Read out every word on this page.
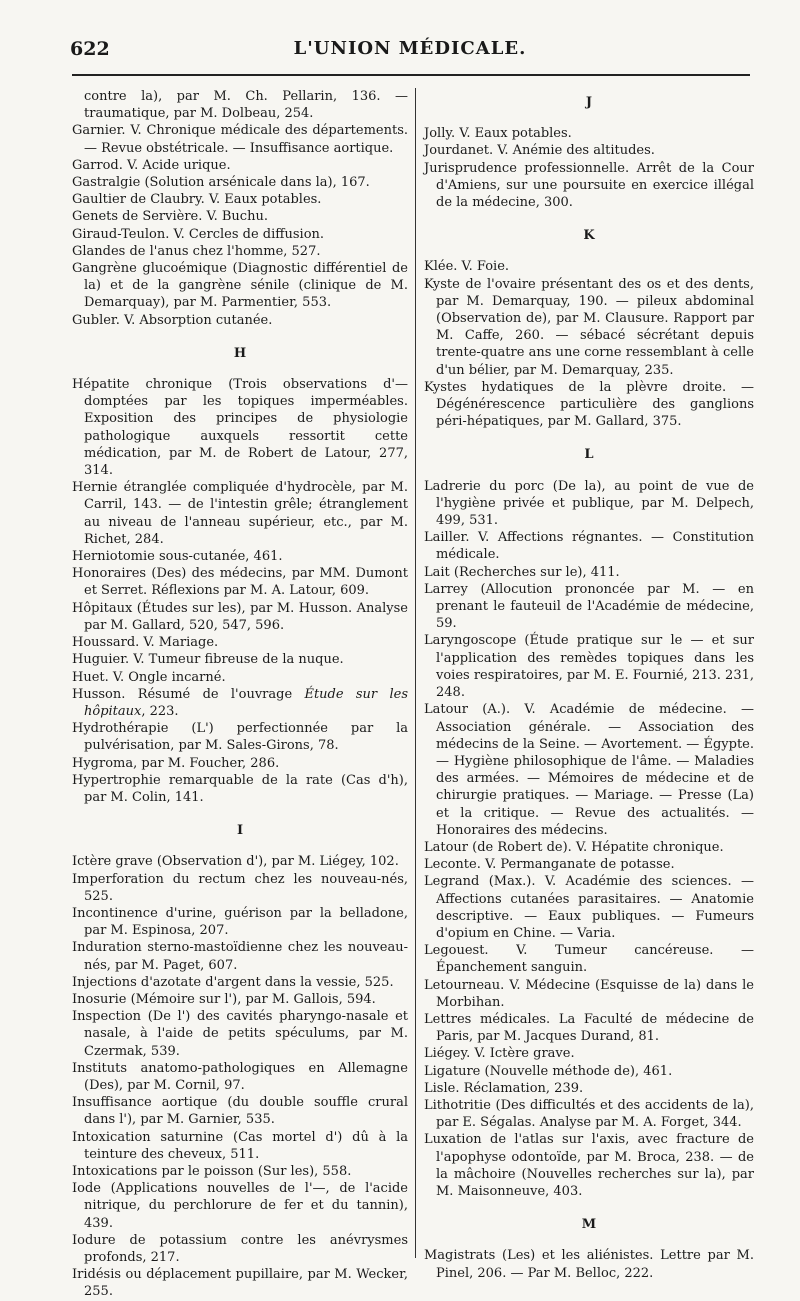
622	L'UNION MÉDICALE.

contre la), par M. Ch. Pellarin, 136. — traumatique, par M. Dolbeau, 254.

Garnier. V. Chronique médicale des départements.— Revue obstétricale. — Insuffisance aortique.

Garrod. V. Acide urique.

Gastralgie (Solution arsénicale dans la), 167.

Gaultier de Claubry. V. Eaux potables.

Genets de Servière. V. Buchu.

Giraud-Teulon. V. Cercles de diffusion.

Glandes de l'anus chez l'homme, 527.

Gangrène glucoémique (Diagnostic différentiel de la) et de la gangrène sénile (clinique de M. Demarquay), par M. Parmentier, 553.

Gubler. V. Absorption cutanée.

H

Hépatite chronique (Trois observations d'— domptées par les topiques imperméables. Exposition des principes de physiologie pathologique auxquels ressortit cette médication, par M. de Robert de Latour, 277, 314.

Hernie étranglée compliquée d'hydrocèle, par M. Carril, 143. — de l'intestin grêle; étranglement au niveau de l'anneau supérieur, etc., par M. Richet, 284.

Herniotomie sous-cutanée, 461.

Honoraires (Des) des médecins, par MM. Dumont et Serret. Réflexions par M. A. Latour, 609.

Hôpitaux (Études sur les), par M. Husson. Analyse par M. Gallard, 520, 547, 596.

Houssard. V. Mariage.

Huguier. V. Tumeur fibreuse de la nuque.

Huet. V. Ongle incarné.

Husson. Résumé de l'ouvrage Étude sur les hôpitaux, 223.

Hydrothérapie (L') perfectionnée par la pulvérisation, par M. Sales-Girons, 78.

Hygroma, par M. Foucher, 286.

Hypertrophie remarquable de la rate (Cas d'h), par M. Colin, 141.

I

Ictère grave (Observation d'), par M. Liégey, 102.

Imperforation du rectum chez les nouveau-nés, 525.

Incontinence d'urine, guérison par la belladone, par M. Espinosa, 207.

Induration sterno-mastoïdienne chez les nouveau-nés, par M. Paget, 607.

Injections d'azotate d'argent dans la vessie, 525.

Inosurie (Mémoire sur l'), par M. Gallois, 594.

Inspection (De l') des cavités pharyngo-nasale et nasale, à l'aide de petits spéculums, par M. Czermak, 539.

Instituts anatomo-pathologiques en Allemagne (Des), par M. Cornil, 97.

Insuffisance aortique (du double souffle crural dans l'), par M. Garnier, 535.

Intoxication saturnine (Cas mortel d') dû à la teinture des cheveux, 511.

Intoxications par le poisson (Sur les), 558.

Iode (Applications nouvelles de l'—, de l'acide nitrique, du perchlorure de fer et du tannin), 439.

Iodure de potassium contre les anévrysmes profonds, 217.

Iridésis ou déplacement pupillaire, par M. Wecker, 255.

J

Jolly. V. Eaux potables.

Jourdanet. V. Anémie des altitudes.

Jurisprudence professionnelle. Arrêt de la Cour d'Amiens, sur une poursuite en exercice illégal de la médecine, 300.

K

Klée. V. Foie.

Kyste de l'ovaire présentant des os et des dents, par M. Demarquay, 190. — pileux abdominal (Observation de), par M. Clausure. Rapport par M. Caffe, 260. — sébacé sécrétant depuis trente-quatre ans une corne ressemblant à celle d'un bélier, par M. Demarquay, 235.

Kystes hydatiques de la plèvre droite. — Dégénérescence particulière des ganglions péri-hépatiques, par M. Gallard, 375.

L

Ladrerie du porc (De la), au point de vue de l'hygiène privée et publique, par M. Delpech, 499, 531.

Lailler. V. Affections régnantes. — Constitution médicale.

Lait (Recherches sur le), 411.

Larrey (Allocution prononcée par M. — en prenant le fauteuil de l'Académie de médecine, 59.

Laryngoscope (Étude pratique sur le — et sur l'application des remèdes topiques dans les voies respiratoires, par M. E. Fournié, 213. 231, 248.

Latour (A.). V. Académie de médecine. — Association générale. — Association des médecins de la Seine. — Avortement. — Égypte. — Hygiène philosophique de l'âme. — Maladies des armées. — Mémoires de médecine et de chirurgie pratiques. — Mariage. — Presse (La) et la critique. — Revue des actualités. — Honoraires des médecins.

Latour (de Robert de). V. Hépatite chronique.

Leconte. V. Permanganate de potasse.

Legrand (Max.). V. Académie des sciences. — Affections cutanées parasitaires. — Anatomie descriptive. — Eaux publiques. — Fumeurs d'opium en Chine. — Varia.

Legouest. V. Tumeur cancéreuse. — Épanchement sanguin.

Letourneau. V. Médecine (Esquisse de la) dans le Morbihan.

Lettres médicales. La Faculté de médecine de Paris, par M. Jacques Durand, 81.

Liégey. V. Ictère grave.

Ligature (Nouvelle méthode de), 461.

Lisle. Réclamation, 239.

Lithotritie (Des difficultés et des accidents de la), par E. Ségalas. Analyse par M. A. Forget, 344.

Luxation de l'atlas sur l'axis, avec fracture de l'apophyse odontoïde, par M. Broca, 238. — de la mâchoire (Nouvelles recherches sur la), par M. Maisonneuve, 403.

M

Magistrats (Les) et les aliénistes. Lettre par M. Pinel, 206. — Par M. Belloc, 222.
